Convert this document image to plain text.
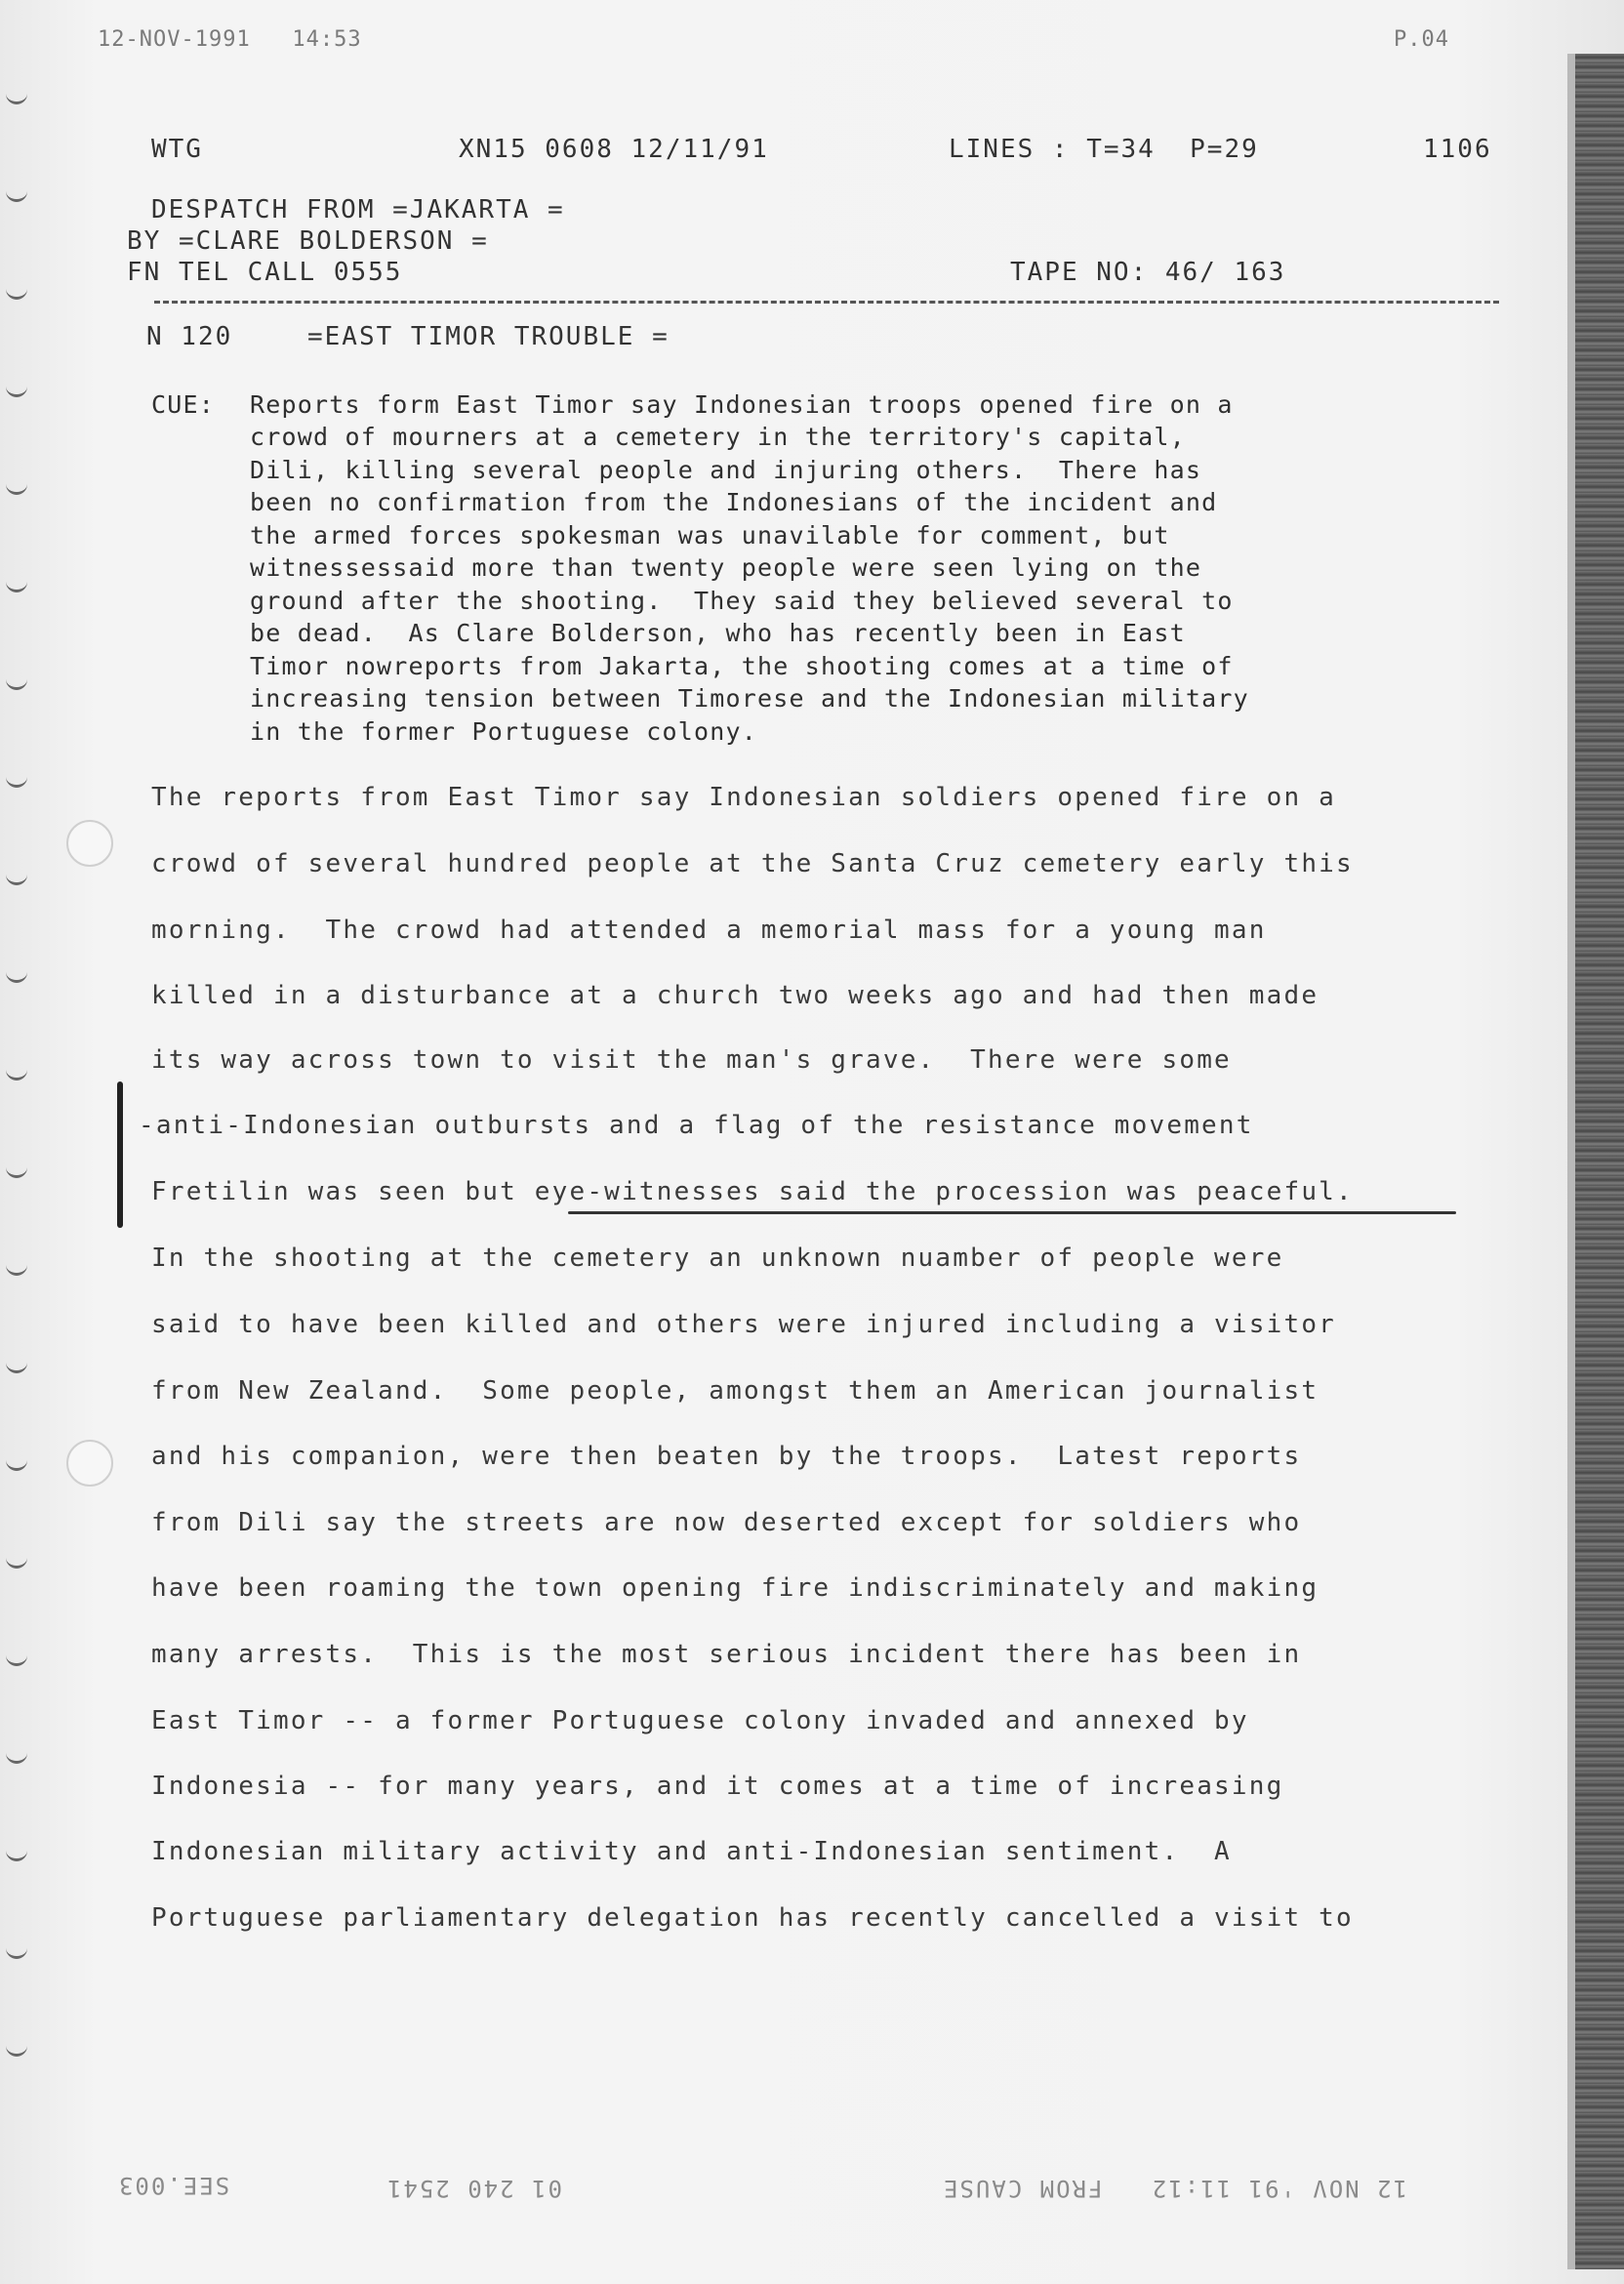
12-NOV-1991   14:53	P.04
WTG	XN15 0608 12/11/91	LINES : T=34  P=29	1106
DESPATCH FROM =JAKARTA =
BY =CLARE BOLDERSON =
FN TEL CALL 0555	TAPE NO: 46/ 163
N 120	=EAST TIMOR TROUBLE =
CUE: Reports form East Timor say Indonesian troops opened fire on a
crowd of mourners at a cemetery in the territory's capital,
Dili, killing several people and injuring others.  There has
been no confirmation from the Indonesians of the incident and
the armed forces spokesman was unavilable for comment, but
witnessessaid more than twenty people were seen lying on the
ground after the shooting.  They said they believed several to
be dead.  As Clare Bolderson, who has recently been in East
Timor nowreports from Jakarta, the shooting comes at a time of
increasing tension between Timorese and the Indonesian military
in the former Portuguese colony.
The reports from East Timor say Indonesian soldiers opened fire on a
crowd of several hundred people at the Santa Cruz cemetery early this
morning.  The crowd had attended a memorial mass for a young man
killed in a disturbance at a church two weeks ago and had then made
its way across town to visit the man's grave.  There were some
-anti-Indonesian outbursts and a flag of the resistance movement
Fretilin was seen but eye-witnesses said the procession was peaceful.
In the shooting at the cemetery an unknown nuamber of people were
said to have been killed and others were injured including a visitor
from New Zealand.  Some people, amongst them an American journalist
and his companion, were then beaten by the troops.  Latest reports
from Dili say the streets are now deserted except for soldiers who
have been roaming the town opening fire indiscriminately and making
many arrests.  This is the most serious incident there has been in
East Timor -- a former Portuguese colony invaded and annexed by
Indonesia -- for many years, and it comes at a time of increasing
Indonesian military activity and anti-Indonesian sentiment.  A
Portuguese parliamentary delegation has recently cancelled a visit to
SEE.003	01 240 2541	12 NOV '91 11:12   FROM CAUSE
